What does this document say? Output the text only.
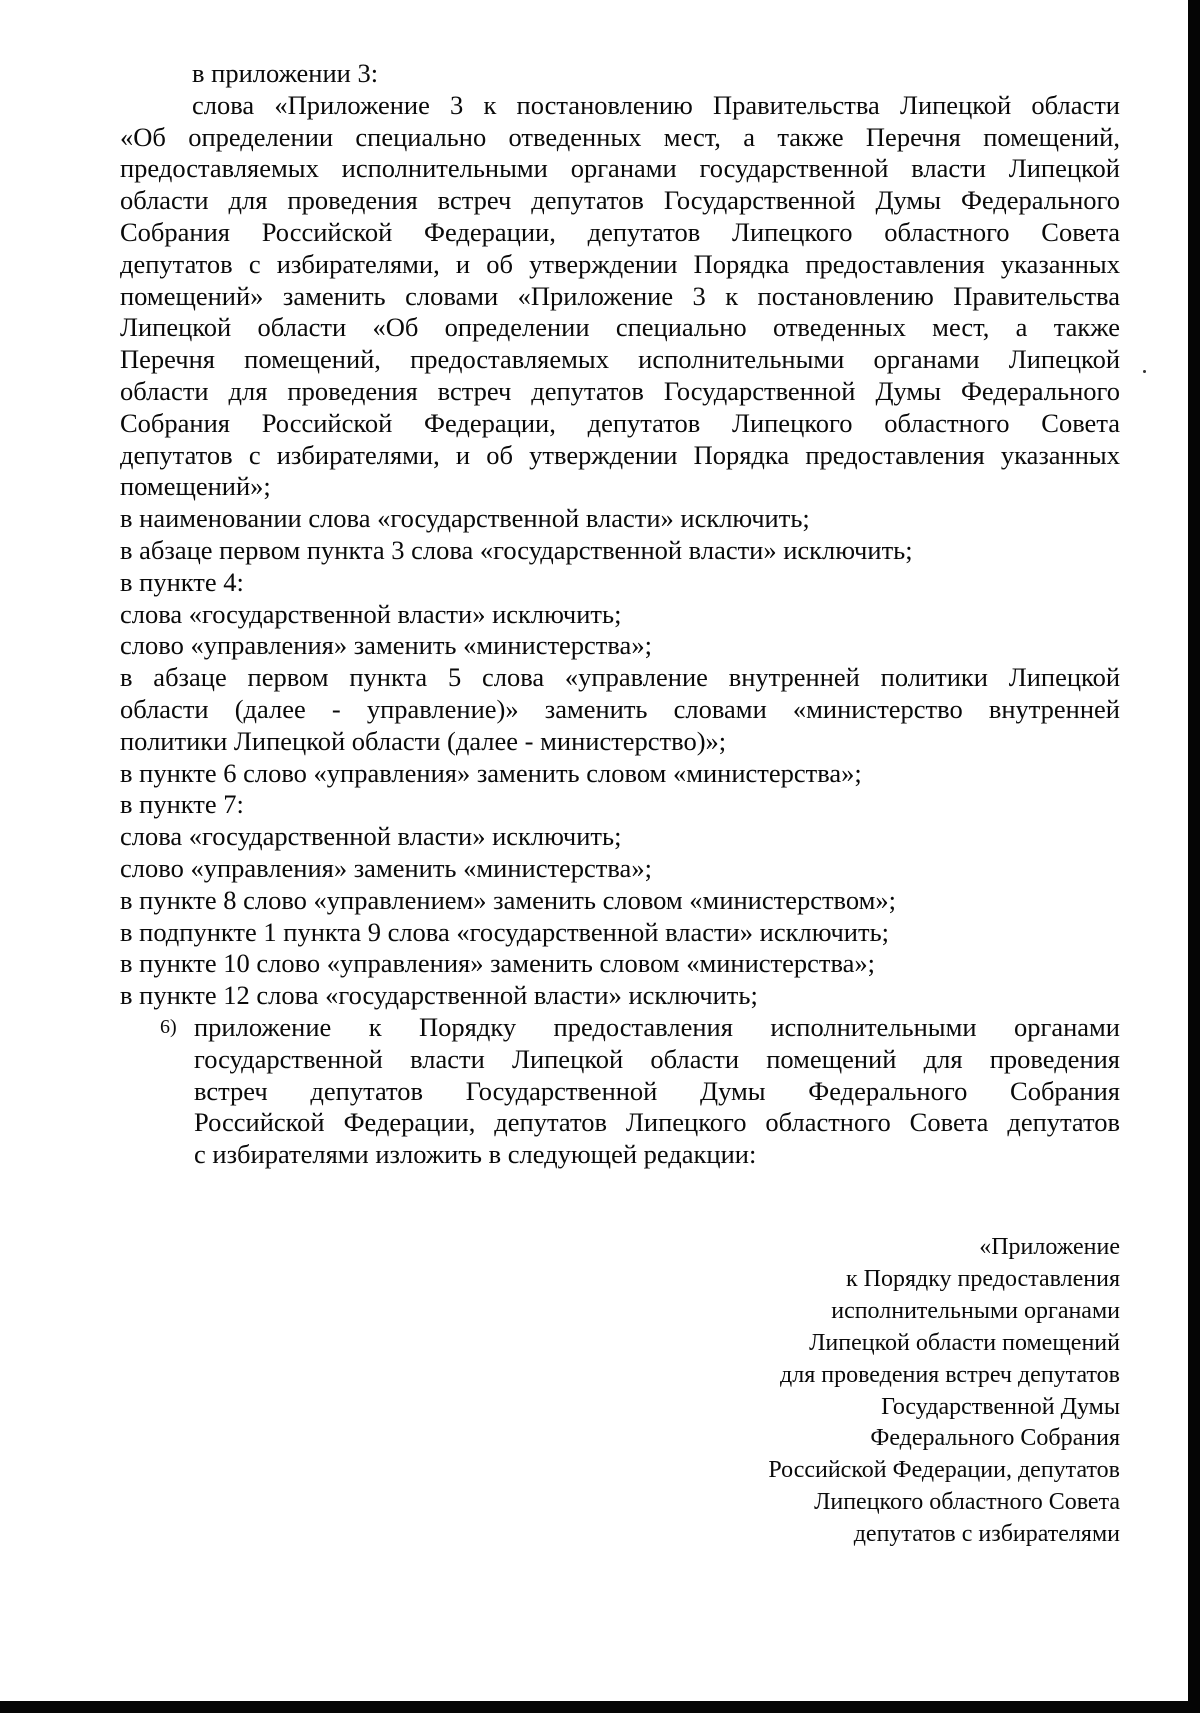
в приложении 3:
слова «Приложение 3 к постановлению Правительства Липецкой области
«Об определении специально отведенных мест, а также Перечня помещений,
предоставляемых исполнительными органами государственной власти Липецкой
области для проведения встреч депутатов Государственной Думы Федерального
Собрания Российской Федерации, депутатов Липецкого областного Совета
депутатов с избирателями, и об утверждении Порядка предоставления указанных
помещений» заменить словами «Приложение 3 к постановлению Правительства
Липецкой области «Об определении специально отведенных мест, а также
Перечня помещений, предоставляемых исполнительными органами Липецкой
области для проведения встреч депутатов Государственной Думы Федерального
Собрания Российской Федерации, депутатов Липецкого областного Совета
депутатов с избирателями, и об утверждении Порядка предоставления указанных
помещений»;
в наименовании слова «государственной власти» исключить;
в абзаце первом пункта 3 слова «государственной власти» исключить;
в пункте 4:
слова «государственной власти» исключить;
слово «управления» заменить «министерства»;
в абзаце первом пункта 5 слова «управление внутренней политики Липецкой
области (далее - управление)» заменить словами «министерство внутренней
политики Липецкой области (далее - министерство)»;
в пункте 6 слово «управления» заменить словом «министерства»;
в пункте 7:
слова «государственной власти» исключить;
слово «управления» заменить «министерства»;
в пункте 8 слово «управлением» заменить словом «министерством»;
в подпункте 1 пункта 9 слова «государственной власти» исключить;
в пункте 10 слово «управления» заменить словом «министерства»;
в пункте 12 слова «государственной власти» исключить;
6) приложение к Порядку предоставления исполнительными органами
государственной власти Липецкой области помещений для проведения
встреч депутатов Государственной Думы Федерального Собрания
Российской Федерации, депутатов Липецкого областного Совета депутатов
с избирателями изложить в следующей редакции:
«Приложение
к Порядку предоставления
исполнительными органами
Липецкой области помещений
для проведения встреч депутатов
Государственной Думы
Федерального Собрания
Российской Федерации, депутатов
Липецкого областного Совета
депутатов с избирателями
